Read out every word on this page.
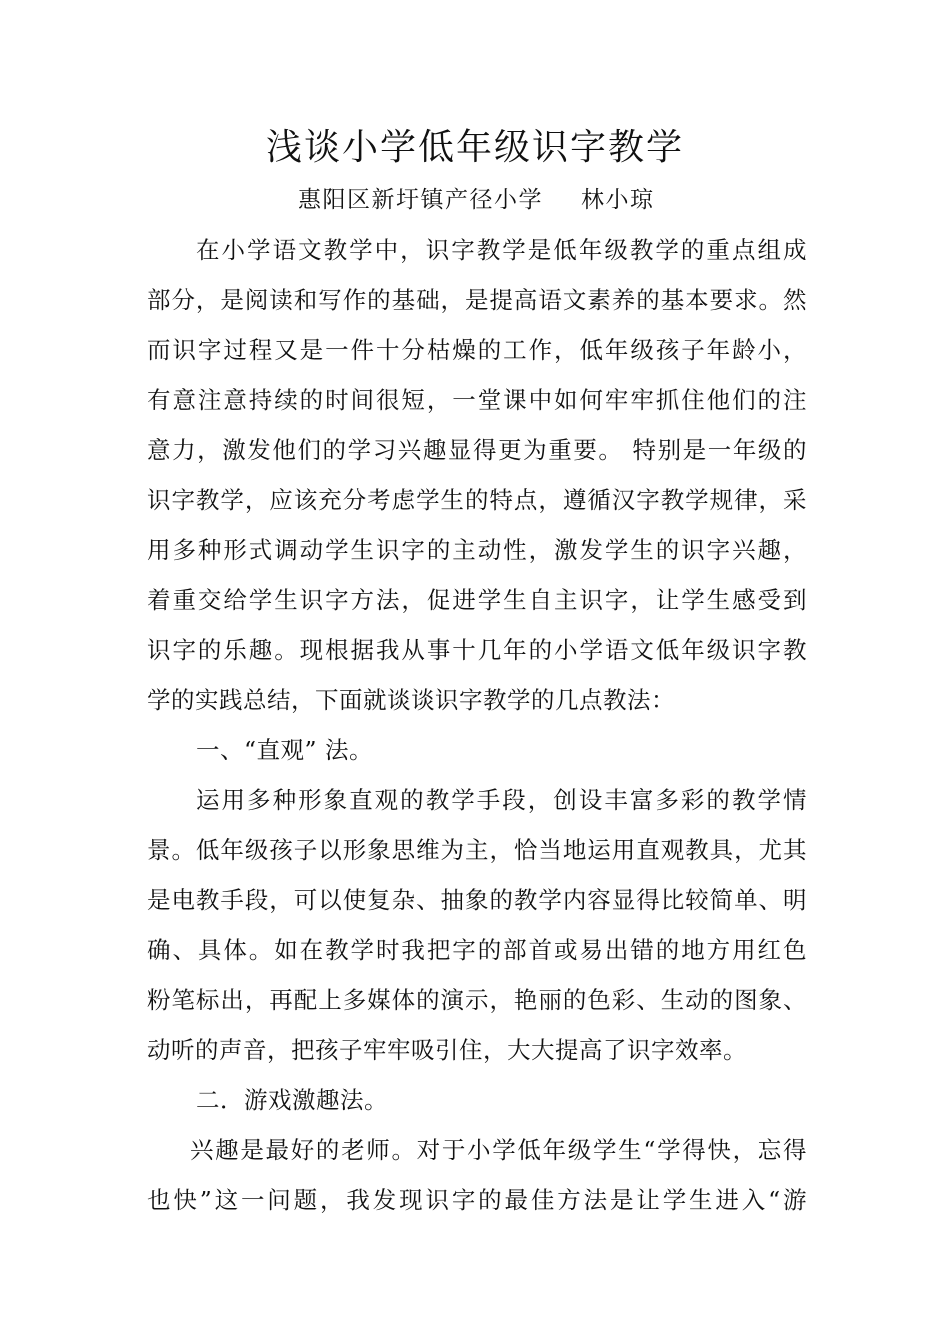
浅谈小学低年级识字教学
惠阳区新圩镇产径小学 林小琼
在小学语文教学中，识字教学是低年级教学的重点组成
部分，是阅读和写作的基础，是提高语文素养的基本要求。然
而识字过程又是一件十分枯燥的工作，低年级孩子年龄小，
有意注意持续的时间很短，一堂课中如何牢牢抓住他们的注
意力，激发他们的学习兴趣显得更为重要。 特别是一年级的
识字教学，应该充分考虑学生的特点，遵循汉字教学规律，采
用多种形式调动学生识字的主动性，激发学生的识字兴趣，
着重交给学生识字方法，促进学生自主识字，让学生感受到
识字的乐趣。现根据我从事十几年的小学语文低年级识字教
学的实践总结，下面就谈谈识字教学的几点教法：
一、“直观” 法。
运用多种形象直观的教学手段，创设丰富多彩的教学情
景。低年级孩子以形象思维为主，恰当地运用直观教具，尤其
是电教手段，可以使复杂、抽象的教学内容显得比较简单、明
确、具体。如在教学时我把字的部首或易出错的地方用红色
粉笔标出，再配上多媒体的演示，艳丽的色彩、生动的图象、
动听的声音，把孩子牢牢吸引住，大大提高了识字效率。
二．游戏激趣法。
兴趣是最好的老师。对于小学低年级学生“学得快，忘得
也快”这一问题，我发现识字的最佳方法是让学生进入“游
